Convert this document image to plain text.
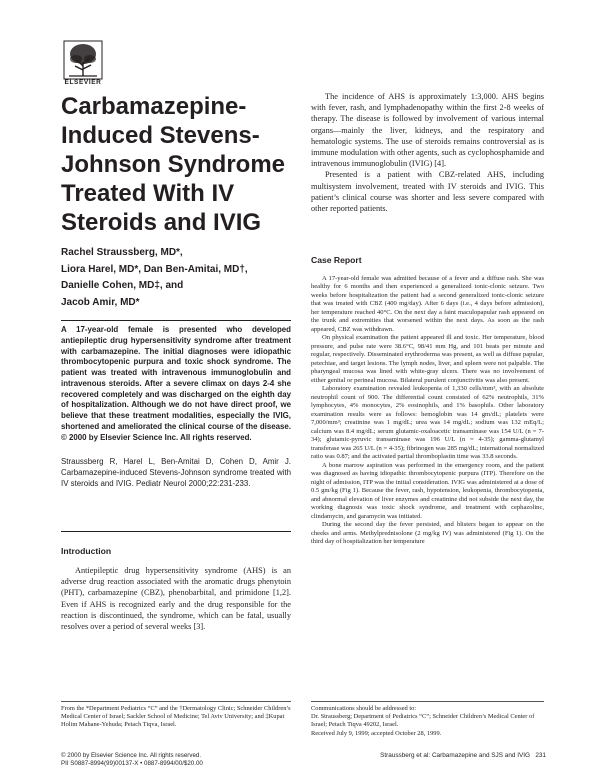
ELSEVIER
Carbamazepine-
Induced Stevens-
Johnson Syndrome
Treated With IV
Steroids and IVIG
Rachel Straussberg, MD*,
Liora Harel, MD*, Dan Ben-Amitai, MD†,
Danielle Cohen, MD‡, and
Jacob Amir, MD*

A 17-year-old female is presented who developed antiepileptic drug hypersensitivity syndrome after treatment with carbamazepine. The initial diagnoses were idiopathic thrombocytopenic purpura and toxic shock syndrome. The patient was treated with intravenous immunoglobulin and intravenous steroids. After a severe climax on days 2-4 she recovered completely and was discharged on the eighth day of hospitalization. Although we do not have direct proof, we believe that these treatment modalities, especially the IVIG, shortened and ameliorated the clinical course of the disease. © 2000 by Elsevier Science Inc. All rights reserved.

Straussberg R, Harel L, Ben-Amitai D, Cohen D, Amir J. Carbamazepine-induced Stevens-Johnson syndrome treated with IV steroids and IVIG. Pediatr Neurol 2000;22:231-233.

Introduction

Antiepileptic drug hypersensitivity syndrome (AHS) is an adverse drug reaction associated with the aromatic drugs phenytoin (PHT), carbamazepine (CBZ), phenobarbital, and primidone [1,2]. Even if AHS is recognized early and the drug responsible for the reaction is discontinued, the syndrome, which can be fatal, usually resolves over a period of several weeks [3].

The incidence of AHS is approximately 1:3,000. AHS begins with fever, rash, and lymphadenopathy within the first 2-8 weeks of therapy. The disease is followed by involvement of various internal organs—mainly the liver, kidneys, and the respiratory and hematologic systems. The use of steroids remains controversial as is immune modulation with other agents, such as cyclophosphamide and intravenous immunoglobulin (IVIG) [4].

Presented is a patient with CBZ-related AHS, including multisystem involvement, treated with IV steroids and IVIG. This patient’s clinical course was shorter and less severe compared with other reported patients.

Case Report

A 17-year-old female was admitted because of a fever and a diffuse rash. She was healthy for 6 months and then experienced a generalized tonic-clonic seizure. Two weeks before hospitalization the patient had a second generalized tonic-clonic seizure that was treated with CBZ (400 mg/day). After 6 days (i.e., 4 days before admission), her temperature reached 40°C. On the next day a faint maculopapular rash appeared on the trunk and extremities that worsened within the next days. As soon as the rash appeared, CBZ was withdrawn.

On physical examination the patient appeared ill and toxic. Her temperature, blood pressure, and pulse rate were 38.6°C, 98/41 mm Hg, and 101 beats per minute and regular, respectively. Disseminated erythroderma was present, as well as diffuse papular, petechiae, and target lesions. The lymph nodes, liver, and spleen were not palpable. The pharyngeal mucosa was lined with white-gray ulcers. There was no involvement of either genital or perineal mucosa. Bilateral purulent conjunctivitis was also present.

Laboratory examination revealed leukopenia of 1,330 cells/mm³, with an absolute neutrophil count of 900. The differential count consisted of 62% neutrophils, 31% lymphocytes, 4% monocytes, 2% eosinophils, and 1% basophils. Other laboratory examination results were as follows: hemoglobin was 14 gm/dL; platelets were 7,000/mm³; creatinine was 1 mg/dL; urea was 14 mg/dL; sodium was 132 mEq/L; calcium was 8.4 mg/dL; serum glutamic-oxaloacetic transaminase was 154 U/L (n = 7-34); glutamic-pyruvic transaminase was 196 U/L (n = 4-35); gamma-glutamyl transferase was 265 U/L (n = 4-35); fibrinogen was 285 mg/dL; international normalized ratio was 0.87; and the activated partial thromboplastin time was 33.8 seconds.

A bone marrow aspiration was performed in the emergency room, and the patient was diagnosed as having idiopathic thrombocytopenic purpura (ITP). Therefore on the night of admission, ITP was the initial consideration. IVIG was administered at a dose of 0.5 gm/kg (Fig 1). Because the fever, rash, hypotension, leukopenia, thrombocytopenia, and abnormal elevation of liver enzymes and creatinine did not subside the next day, the working diagnosis was toxic shock syndrome, and treatment with cephazolinc, clindamycin, and garamycin was initiated.

During the second day the fever persisted, and blisters began to appear on the cheeks and arms. Methylprednisolone (2 mg/kg IV) was administered (Fig 1). On the third day of hospitalization her temperature

From the *Department Pediatrics “C” and the †Dermatology Clinic; Schneider Children’s Medical Center of Israel; Sackler School of Medicine; Tel Aviv University; and ‡Kupat Holim Mahane-Yehuda; Petach Tiqva, Israel.

Communications should be addressed to:

Dr. Straussberg; Department of Pediatrics “C”; Schneider Children’s Medical Center of Israel; Petach Tiqva 49202, Israel.

Received July 9, 1999; accepted October 28, 1999.

© 2000 by Elsevier Science Inc. All rights reserved.

PII S0887-8994(99)00137-X • 0887-8994/00/$20.00

Straussberg et al: Carbamazepine and SJS and IVIG 231
